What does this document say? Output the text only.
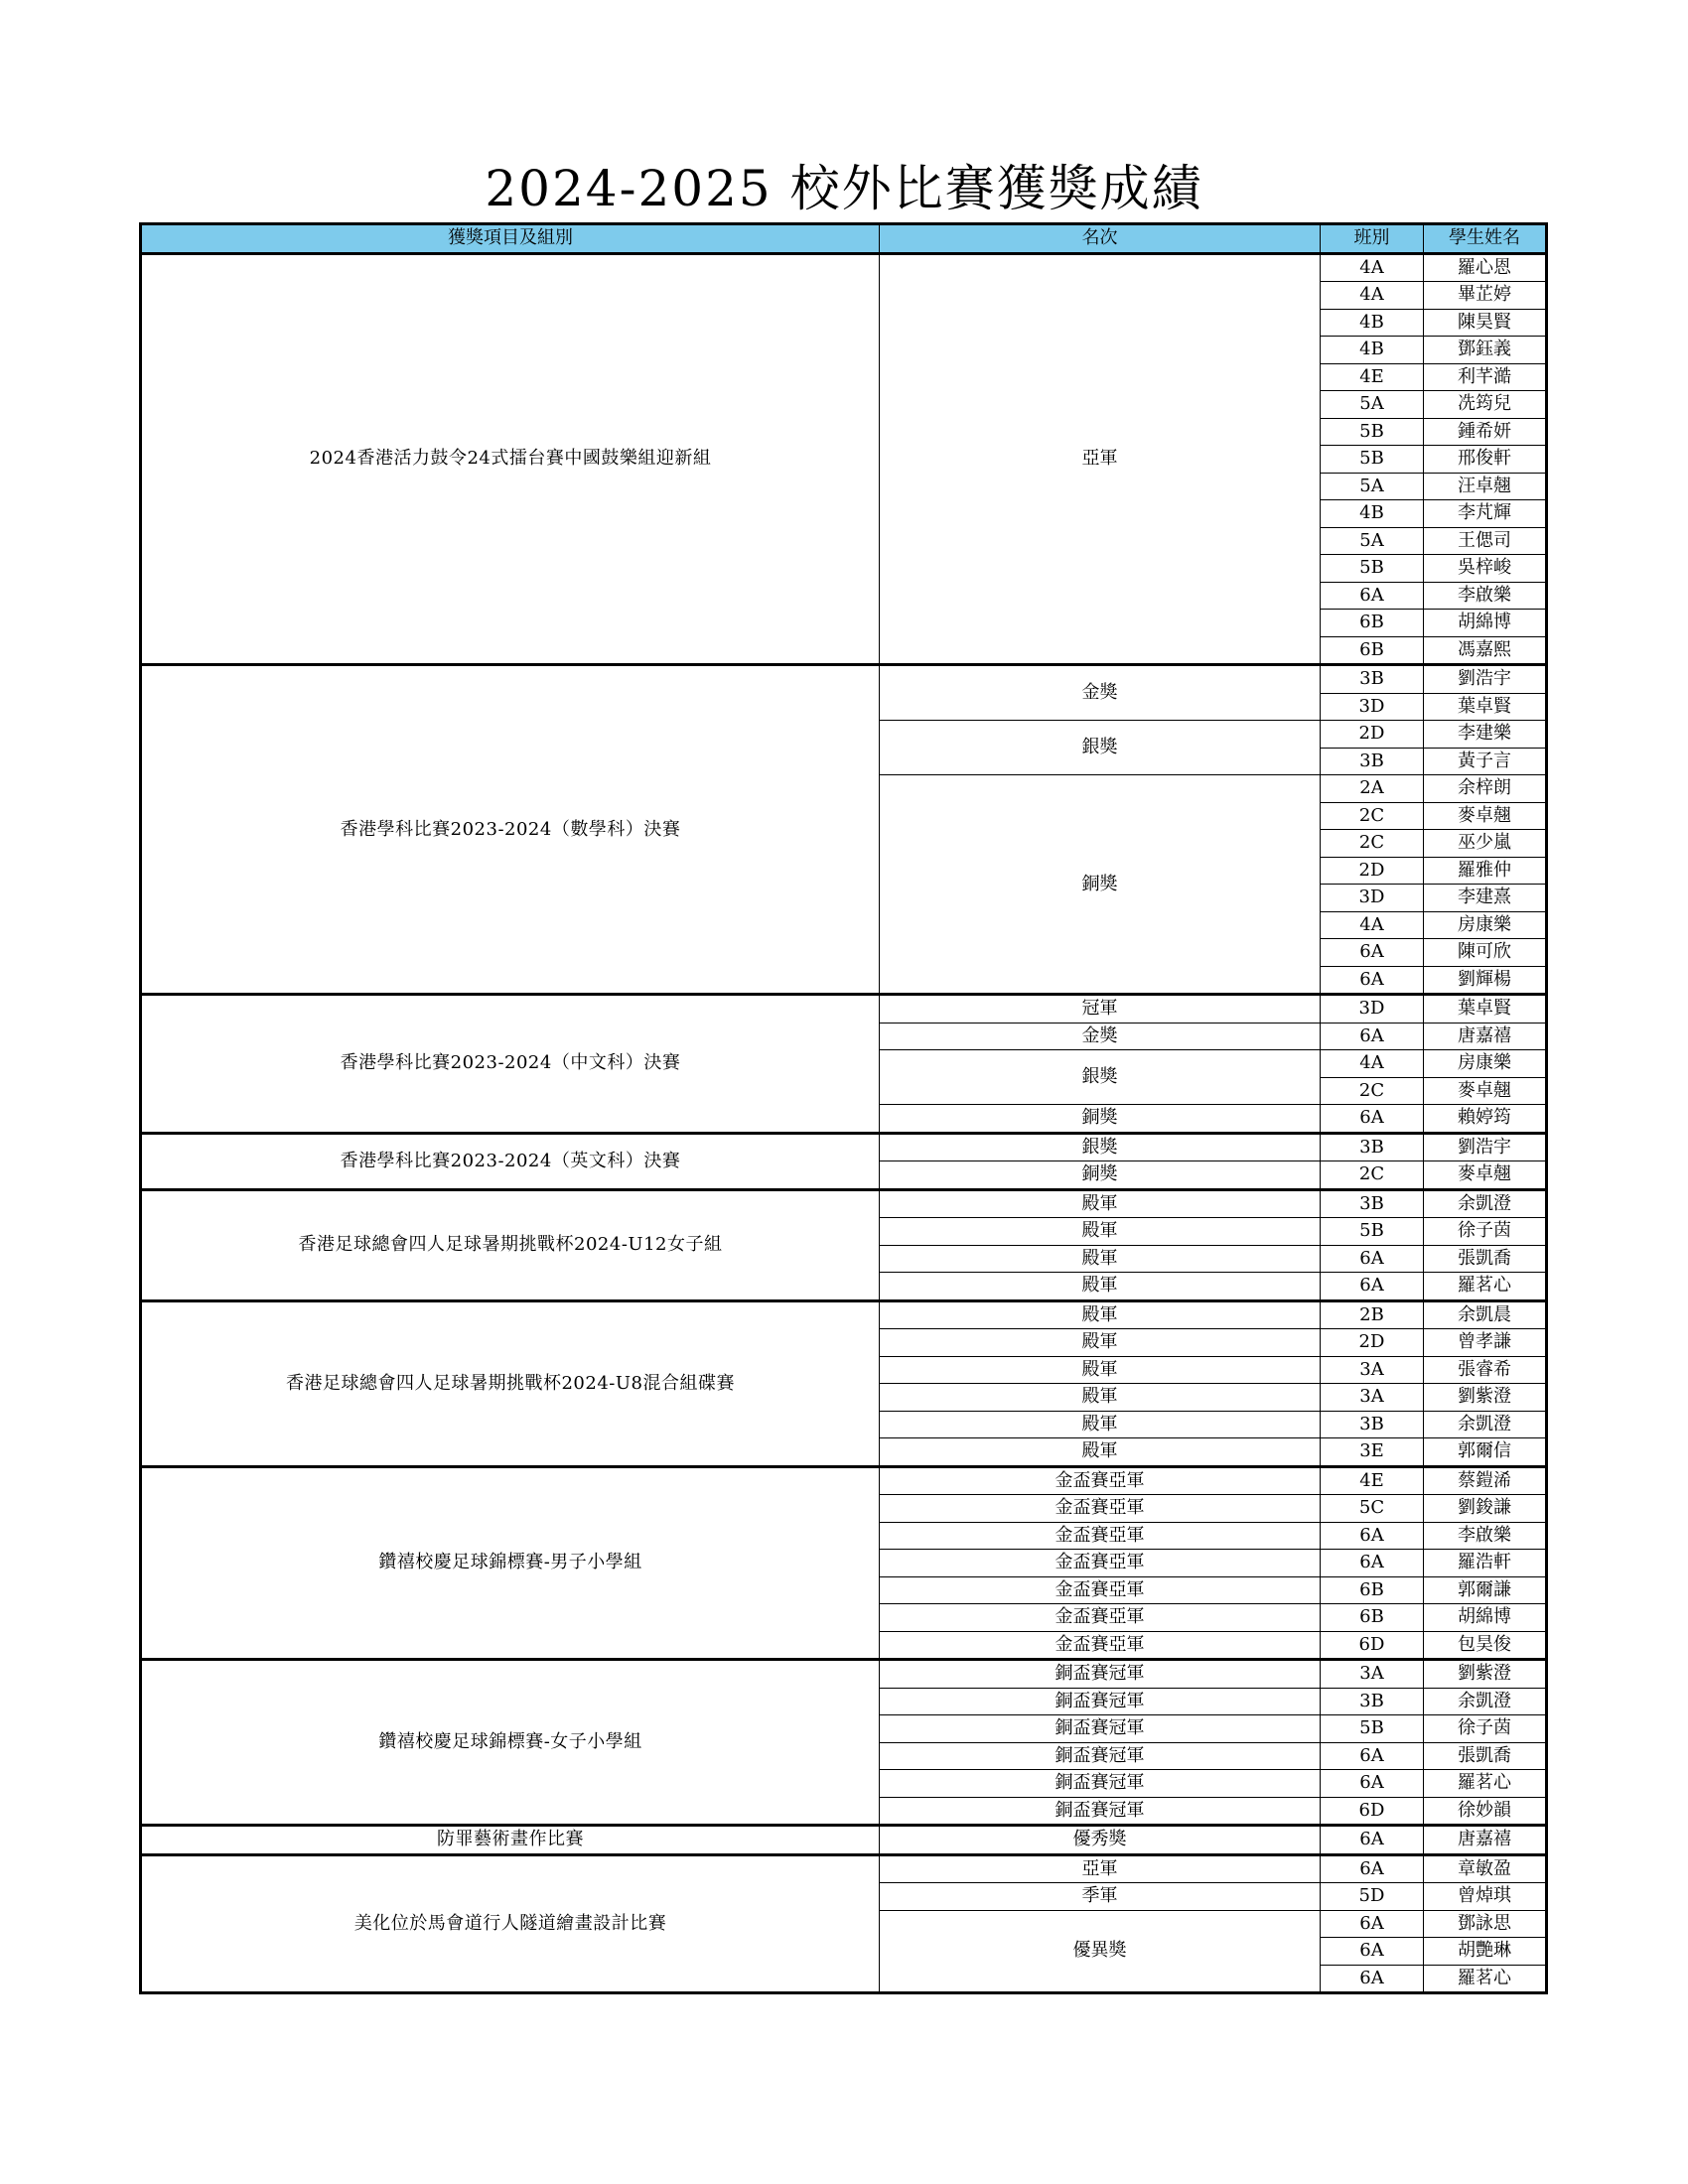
2024-2025 校外比賽獲獎成績
獲獎項目及組別	名次	班別	學生姓名
2024香港活力鼓令24式擂台賽中國鼓樂組迎新組	亞軍	4A	羅心恩
		4A	畢芷婷
		4B	陳昊賢
		4B	鄧鈺義
		4E	利芊澔
		5A	冼筠兒
		5B	鍾希妍
		5B	邢俊軒
		5A	汪卓翹
		4B	李芃輝
		5A	王偲司
		5B	吳梓峻
		6A	李啟樂
		6B	胡綿博
		6B	馮嘉熙
香港學科比賽2023-2024（數學科）決賽	金獎	3B	劉浩宇
		3D	葉卓賢
	銀獎	2D	李建樂
		3B	黃子言
	銅獎	2A	余梓朗
		2C	麥卓翹
		2C	巫少嵐
		2D	羅雅仲
		3D	李建熹
		4A	房康樂
		6A	陳可欣
		6A	劉輝楊
香港學科比賽2023-2024（中文科）決賽	冠軍	3D	葉卓賢
	金獎	6A	唐嘉禧
	銀獎	4A	房康樂
		2C	麥卓翹
	銅獎	6A	賴婷筠
香港學科比賽2023-2024（英文科）決賽	銀獎	3B	劉浩宇
	銅獎	2C	麥卓翹
香港足球總會四人足球暑期挑戰杯2024-U12女子組	殿軍	3B	余凱澄
	殿軍	5B	徐子茵
	殿軍	6A	張凱喬
	殿軍	6A	羅茗心
香港足球總會四人足球暑期挑戰杯2024-U8混合組碟賽	殿軍	2B	余凱晨
	殿軍	2D	曾孝謙
	殿軍	3A	張睿希
	殿軍	3A	劉紫澄
	殿軍	3B	余凱澄
	殿軍	3E	郭爾信
鑽禧校慶足球錦標賽-男子小學組	金盃賽亞軍	4E	蔡鎧浠
	金盃賽亞軍	5C	劉鋑謙
	金盃賽亞軍	6A	李啟樂
	金盃賽亞軍	6A	羅浩軒
	金盃賽亞軍	6B	郭爾謙
	金盃賽亞軍	6B	胡綿博
	金盃賽亞軍	6D	包昊俊
鑽禧校慶足球錦標賽-女子小學組	銅盃賽冠軍	3A	劉紫澄
	銅盃賽冠軍	3B	余凱澄
	銅盃賽冠軍	5B	徐子茵
	銅盃賽冠軍	6A	張凱喬
	銅盃賽冠軍	6A	羅茗心
	銅盃賽冠軍	6D	徐妙韻
防罪藝術畫作比賽	優秀獎	6A	唐嘉禧
美化位於馬會道行人隧道繪畫設計比賽	亞軍	6A	章敏盈
	季軍	5D	曾焯琪
	優異獎	6A	鄧詠思
		6A	胡艷琳
		6A	羅茗心
